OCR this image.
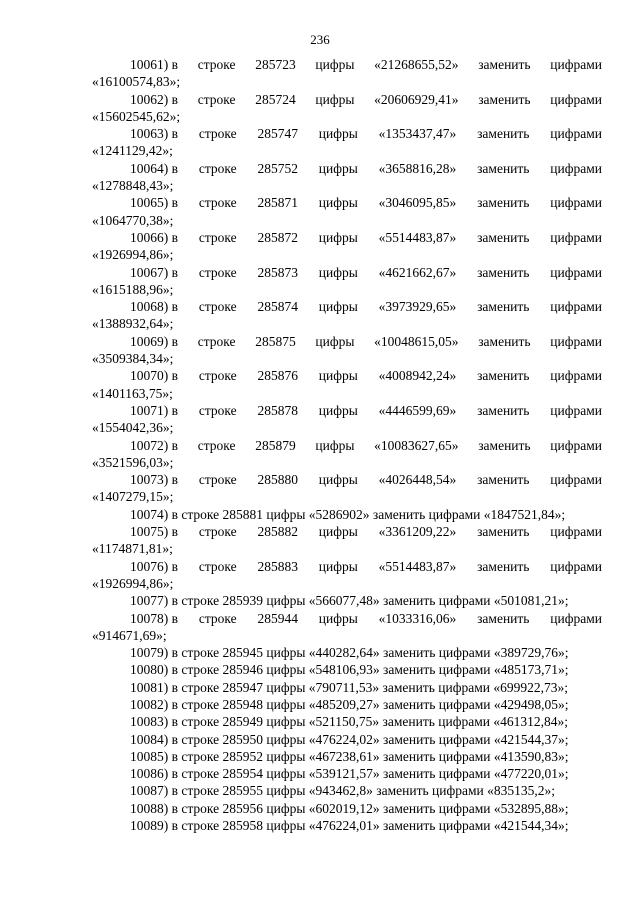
236
10061) в строке 285723 цифры «21268655,52» заменить цифрами
«16100574,83»;
10062) в строке 285724 цифры «20606929,41» заменить цифрами
«15602545,62»;
10063) в строке 285747 цифры «1353437,47» заменить цифрами
«1241129,42»;
10064) в строке 285752 цифры «3658816,28» заменить цифрами
«1278848,43»;
10065) в строке 285871 цифры «3046095,85» заменить цифрами
«1064770,38»;
10066) в строке 285872 цифры «5514483,87» заменить цифрами
«1926994,86»;
10067) в строке 285873 цифры «4621662,67» заменить цифрами
«1615188,96»;
10068) в строке 285874 цифры «3973929,65» заменить цифрами
«1388932,64»;
10069) в строке 285875 цифры «10048615,05» заменить цифрами
«3509384,34»;
10070) в строке 285876 цифры «4008942,24» заменить цифрами
«1401163,75»;
10071) в строке 285878 цифры «4446599,69» заменить цифрами
«1554042,36»;
10072) в строке 285879 цифры «10083627,65» заменить цифрами
«3521596,03»;
10073) в строке 285880 цифры «4026448,54» заменить цифрами
«1407279,15»;
10074) в строке 285881 цифры «5286902» заменить цифрами «1847521,84»;
10075) в строке 285882 цифры «3361209,22» заменить цифрами
«1174871,81»;
10076) в строке 285883 цифры «5514483,87» заменить цифрами
«1926994,86»;
10077) в строке 285939 цифры «566077,48» заменить цифрами «501081,21»;
10078) в строке 285944 цифры «1033316,06» заменить цифрами
«914671,69»;
10079) в строке 285945 цифры «440282,64» заменить цифрами «389729,76»;
10080) в строке 285946 цифры «548106,93» заменить цифрами «485173,71»;
10081) в строке 285947 цифры «790711,53» заменить цифрами «699922,73»;
10082) в строке 285948 цифры «485209,27» заменить цифрами «429498,05»;
10083) в строке 285949 цифры «521150,75» заменить цифрами «461312,84»;
10084) в строке 285950 цифры «476224,02» заменить цифрами «421544,37»;
10085) в строке 285952 цифры «467238,61» заменить цифрами «413590,83»;
10086) в строке 285954 цифры «539121,57» заменить цифрами «477220,01»;
10087) в строке 285955 цифры «943462,8» заменить цифрами «835135,2»;
10088) в строке 285956 цифры «602019,12» заменить цифрами «532895,88»;
10089) в строке 285958 цифры «476224,01» заменить цифрами «421544,34»;
